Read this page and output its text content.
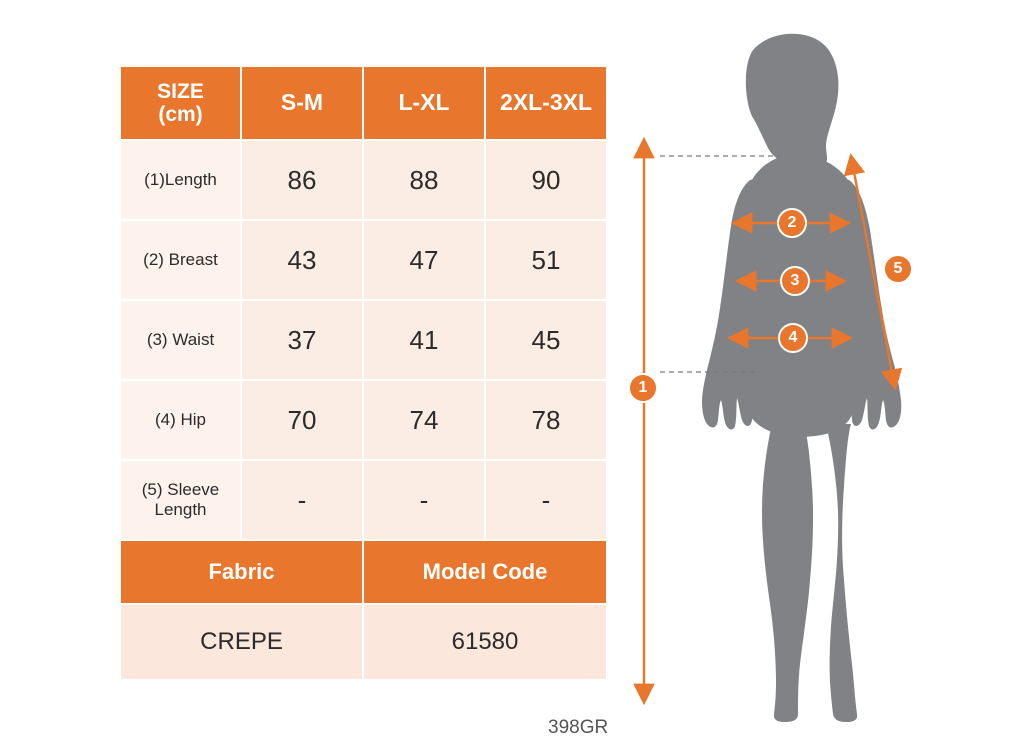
SIZE
(cm)	S-M	L-XL	2XL-3XL
(1)Length	86	88	90
(2) Breast	43	47	51
(3) Waist	37	41	45
(4) Hip	70	74	78
(5) Sleeve Length	-	-	-
Fabric		Model Code	
CREPE		61580	
398GR
1
2
3
4
5
